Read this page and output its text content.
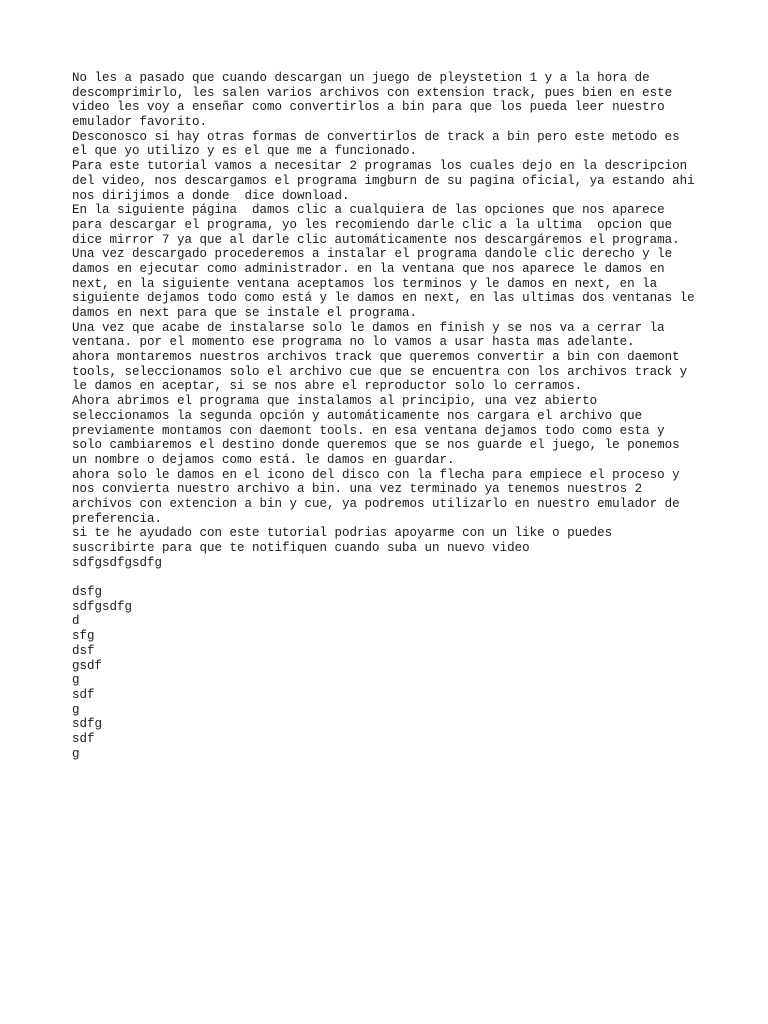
No les a pasado que cuando descargan un juego de pleystetion 1 y a la hora de
descomprimirlo, les salen varios archivos con extension track, pues bien en este
video les voy a enseñar como convertirlos a bin para que los pueda leer nuestro
emulador favorito.
Desconosco si hay otras formas de convertirlos de track a bin pero este metodo es
el que yo utilizo y es el que me a funcionado.
Para este tutorial vamos a necesitar 2 programas los cuales dejo en la descripcion
del video, nos descargamos el programa imgburn de su pagina oficial, ya estando ahi
nos dirijimos a donde  dice download.
En la siguiente página  damos clic a cualquiera de las opciones que nos aparece
para descargar el programa, yo les recomiendo darle clic a la ultima  opcion que
dice mirror 7 ya que al darle clic automáticamente nos descargáremos el programa.
Una vez descargado procederemos a instalar el programa dandole clic derecho y le
damos en ejecutar como administrador. en la ventana que nos aparece le damos en
next, en la siguiente ventana aceptamos los terminos y le damos en next, en la
siguiente dejamos todo como está y le damos en next, en las ultimas dos ventanas le
damos en next para que se instale el programa.
Una vez que acabe de instalarse solo le damos en finish y se nos va a cerrar la
ventana. por el momento ese programa no lo vamos a usar hasta mas adelante.
ahora montaremos nuestros archivos track que queremos convertir a bin con daemont
tools, seleccionamos solo el archivo cue que se encuentra con los archivos track y
le damos en aceptar, si se nos abre el reproductor solo lo cerramos.
Ahora abrimos el programa que instalamos al principio, una vez abierto
seleccionamos la segunda opción y automáticamente nos cargara el archivo que
previamente montamos con daemont tools. en esa ventana dejamos todo como esta y
solo cambiaremos el destino donde queremos que se nos guarde el juego, le ponemos
un nombre o dejamos como está. le damos en guardar.
ahora solo le damos en el icono del disco con la flecha para empiece el proceso y
nos convierta nuestro archivo a bin. una vez terminado ya tenemos nuestros 2
archivos con extencion a bin y cue, ya podremos utilizarlo en nuestro emulador de
preferencia.
si te he ayudado con este tutorial podrias apoyarme con un like o puedes
suscribirte para que te notifiquen cuando suba un nuevo video
sdfgsdfgsdfg
dsfg
sdfgsdfg
d
sfg
dsf
gsdf
g
sdf
g
sdfg
sdf
g
